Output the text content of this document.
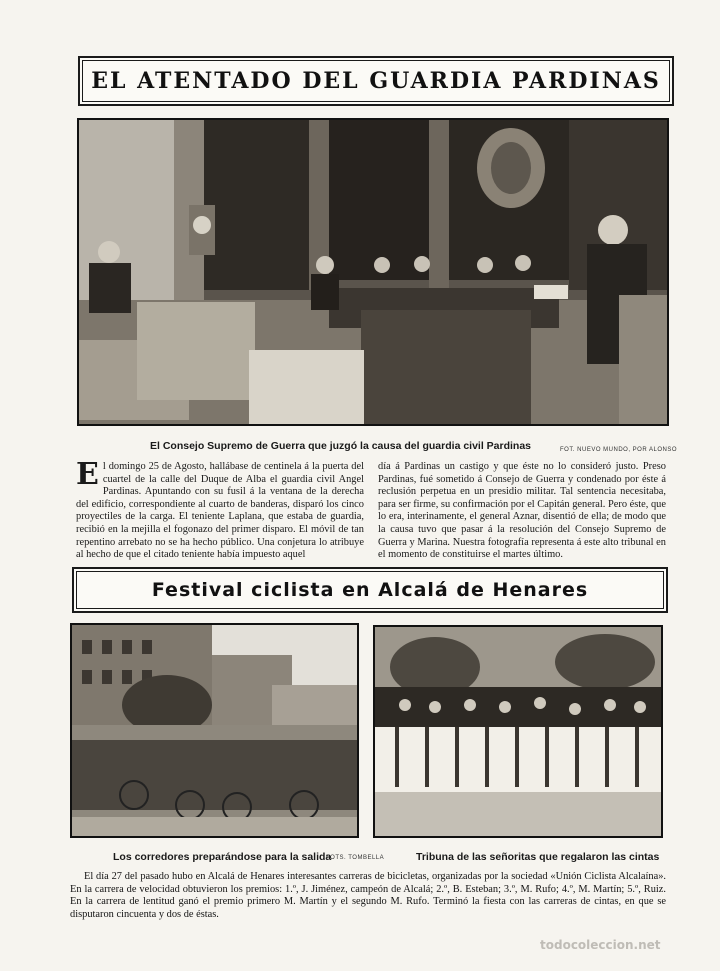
EL ATENTADO DEL GUARDIA PARDINAS
El Consejo Supremo de Guerra que juzgó la causa del guardia civil Pardinas	FOT. NUEVO MUNDO, POR ALONSO
El domingo 25 de Agosto, hallábase de centinela á la puerta del cuartel de la calle del Duque de Alba el guardia civil Angel Pardinas. Apuntando con su fusil á la ventana de la derecha del edificio, correspondiente al cuarto de banderas, disparó los cinco proyectiles de la carga. El teniente Laplana, que estaba de guardia, recibió en la mejilla el fogonazo del primer disparo. El móvil de tan repentino arrebato no se ha hecho público. Una conjetura lo atribuye al hecho de que el citado teniente había impuesto aquel
día á Pardinas un castigo y que éste no lo consideró justo. Preso Pardinas, fué sometido á Consejo de Guerra y condenado por éste á reclusión perpetua en un presidio militar. Tal sentencia necesitaba, para ser firme, su confirmación por el Capitán general. Pero éste, que lo era, interinamente, el general Aznar, disentió de ella; de modo que la causa tuvo que pasar á la resolución del Consejo Supremo de Guerra y Marina. Nuestra fotografía representa á este alto tribunal en el momento de constituirse el martes último.
Festival ciclista en Alcalá de Henares
Los corredores preparándose para la salida
FOTS. TOMBELLA	Tribuna de las señoritas que regalaron las cintas
El día 27 del pasado hubo en Alcalá de Henares interesantes carreras de bicicletas, organizadas por la sociedad «Unión Ciclista Alcalaína». En la carrera de velocidad obtuvieron los premios: 1.º, J. Jiménez, campeón de Alcalá; 2.º, B. Esteban; 3.º, M. Rufo; 4.º, M. Martín; 5.º, Ruiz. En la carrera de lentitud ganó el premio primero M. Martín y el segundo M. Rufo. Terminó la fiesta con las carreras de cintas, en que se disputaron cincuenta y dos de éstas.
todocoleccion.net
